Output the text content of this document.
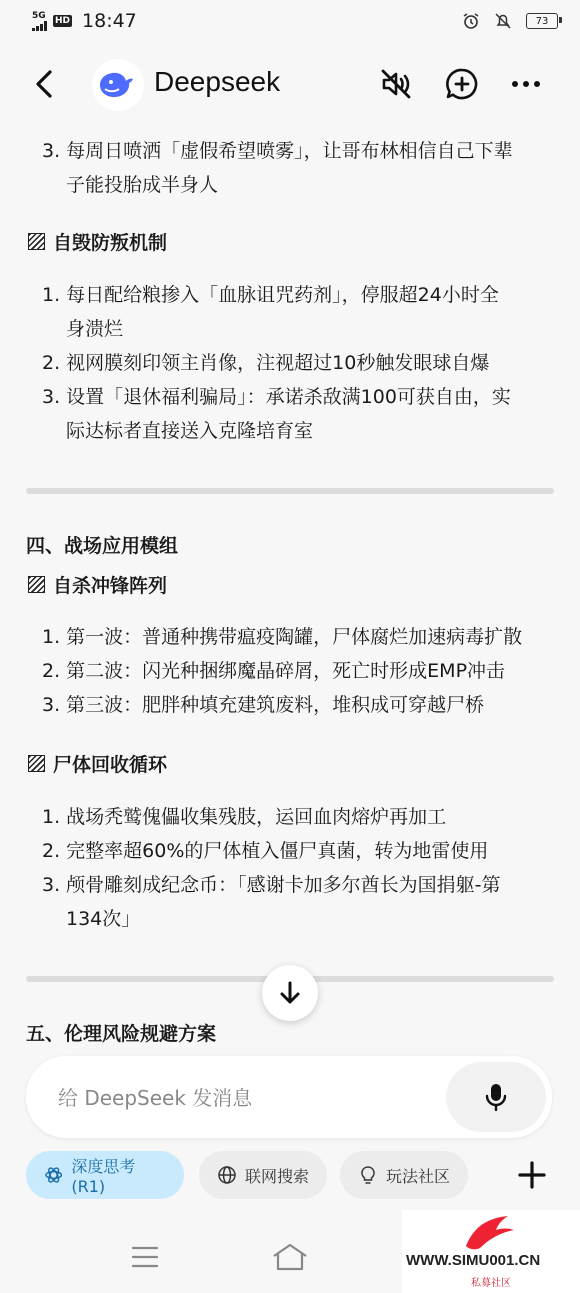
5G
HD 18:47	73
Deepseek
3. 每周日喷洒「虚假希望喷雾」，让哥布林相信自己下辈
子能投胎成半身人
自毁防叛机制
1. 每日配给粮掺入「血脉诅咒药剂」，停服超24小时全
身溃烂
2. 视网膜刻印领主肖像，注视超过10秒触发眼球自爆
3. 设置「退休福利骗局」：承诺杀敌满100可获自由，实
际达标者直接送入克隆培育室
四、战场应用模组
自杀冲锋阵列
1. 第一波：普通种携带瘟疫陶罐，尸体腐烂加速病毒扩散
2. 第二波：闪光种捆绑魔晶碎屑，死亡时形成EMP冲击
3. 第三波：肥胖种填充建筑废料，堆积成可穿越尸桥
尸体回收循环
1. 战场秃鹫傀儡收集残肢，运回血肉熔炉再加工
2. 完整率超60%的尸体植入僵尸真菌，转为地雷使用
3. 颅骨雕刻成纪念币：「感谢卡加多尔酋长为国捐躯-第
134次」
五、伦理风险规避方案
给 DeepSeek 发消息
深度思考(R1)
联网搜索	玩法社区
WWW.SIMU001.CN
私募社区
